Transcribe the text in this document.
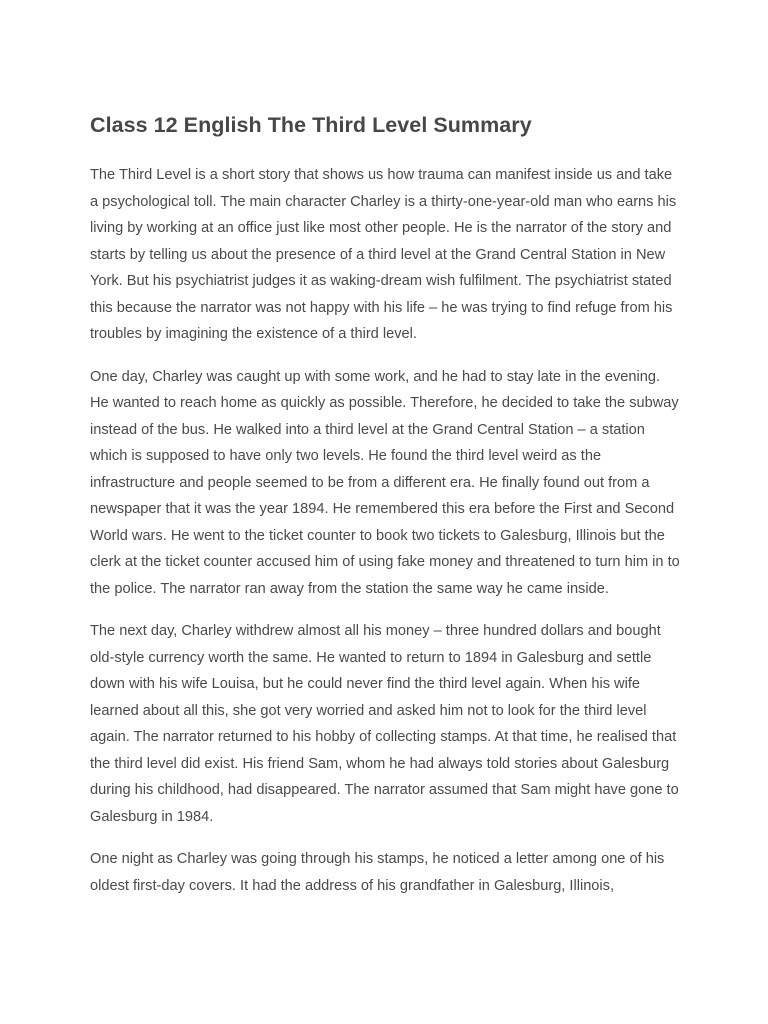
Class 12 English The Third Level Summary

The Third Level is a short story that shows us how trauma can manifest inside us and take a psychological toll. The main character Charley is a thirty-one-year-old man who earns his living by working at an office just like most other people. He is the narrator of the story and starts by telling us about the presence of a third level at the Grand Central Station in New York. But his psychiatrist judges it as waking-dream wish fulfilment. The psychiatrist stated this because the narrator was not happy with his life – he was trying to find refuge from his troubles by imagining the existence of a third level.

One day, Charley was caught up with some work, and he had to stay late in the evening. He wanted to reach home as quickly as possible. Therefore, he decided to take the subway instead of the bus. He walked into a third level at the Grand Central Station – a station which is supposed to have only two levels. He found the third level weird as the infrastructure and people seemed to be from a different era. He finally found out from a newspaper that it was the year 1894. He remembered this era before the First and Second World wars. He went to the ticket counter to book two tickets to Galesburg, Illinois but the clerk at the ticket counter accused him of using fake money and threatened to turn him in to the police. The narrator ran away from the station the same way he came inside.

The next day, Charley withdrew almost all his money – three hundred dollars and bought old-style currency worth the same. He wanted to return to 1894 in Galesburg and settle down with his wife Louisa, but he could never find the third level again. When his wife learned about all this, she got very worried and asked him not to look for the third level again. The narrator returned to his hobby of collecting stamps. At that time, he realised that the third level did exist. His friend Sam, whom he had always told stories about Galesburg during his childhood, had disappeared. The narrator assumed that Sam might have gone to Galesburg in 1984.

One night as Charley was going through his stamps, he noticed a letter among one of his oldest first-day covers. It had the address of his grandfather in Galesburg, Illinois,
